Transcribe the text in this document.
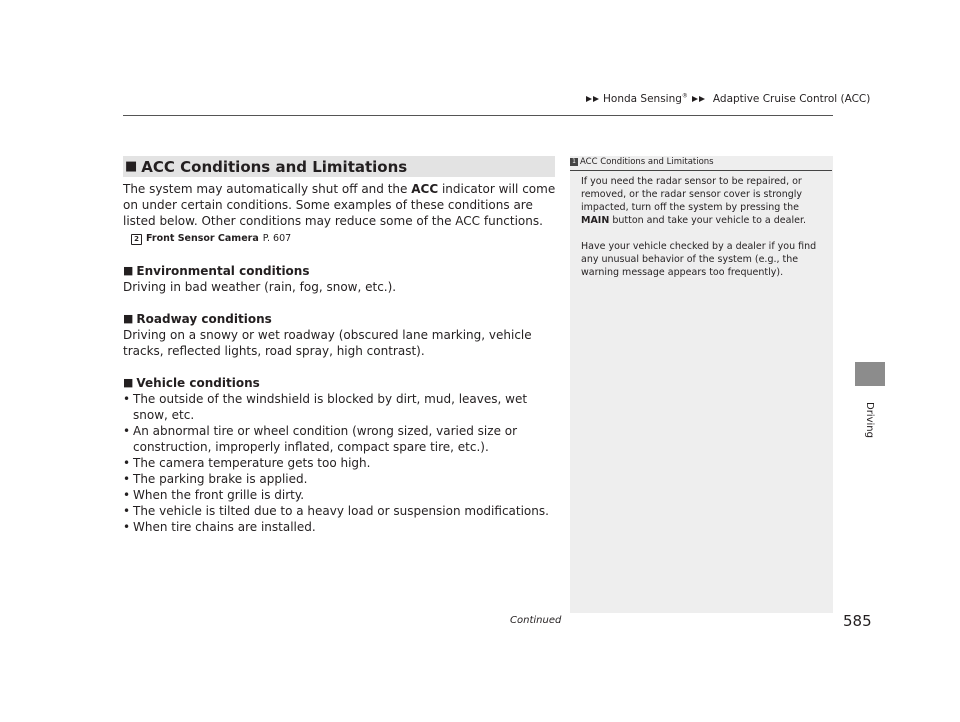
Honda Sensing® Adaptive Cruise Control (ACC)
■ ACC Conditions and Limitations

The system may automatically shut off and the ACC indicator will come on under certain conditions. Some examples of these conditions are listed below. Other conditions may reduce some of the ACC functions.

2 Front Sensor Camera P. 607
■ Environmental conditions

Driving in bad weather (rain, fog, snow, etc.).

■ Roadway conditions

Driving on a snowy or wet roadway (obscured lane marking, vehicle tracks, reflected lights, road spray, high contrast).

■ Vehicle conditions
• The outside of the windshield is blocked by dirt, mud, leaves, wet snow, etc.
• An abnormal tire or wheel condition (wrong sized, varied size or construction, improperly inflated, compact spare tire, etc.).
• The camera temperature gets too high.
• The parking brake is applied.
• When the front grille is dirty.
• The vehicle is tilted due to a heavy load or suspension modifications.
• When tire chains are installed.
1 ACC Conditions and Limitations

If you need the radar sensor to be repaired, or removed, or the radar sensor cover is strongly impacted, turn off the system by pressing the MAIN button and take your vehicle to a dealer.

Have your vehicle checked by a dealer if you find any unusual behavior of the system (e.g., the warning message appears too frequently).

Driving
Continued	585
